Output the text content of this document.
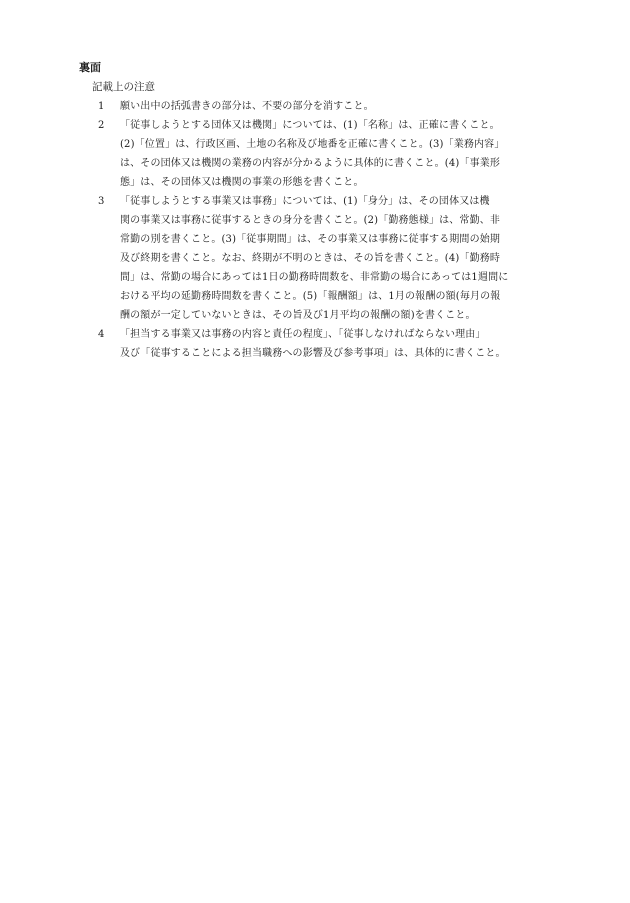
裏面
記載上の注意
1	願い出中の括弧書きの部分は、不要の部分を消すこと。
2	「従事しようとする団体又は機関」については、(1)「名称」は、正確に書くこと。
(2)「位置」は、行政区画、土地の名称及び地番を正確に書くこと。(3)「業務内容」
は、その団体又は機関の業務の内容が分かるように具体的に書くこと。(4)「事業形
態」は、その団体又は機関の事業の形態を書くこと。
3	「従事しようとする事業又は事務」については、(1)「身分」は、その団体又は機
関の事業又は事務に従事するときの身分を書くこと。(2)「勤務態様」は、常勤、非
常勤の別を書くこと。(3)「従事期間」は、その事業又は事務に従事する期間の始期
及び終期を書くこと。なお、終期が不明のときは、その旨を書くこと。(4)「勤務時
間」は、常勤の場合にあっては1日の勤務時間数を、非常勤の場合にあっては1週間に
おける平均の延勤務時間数を書くこと。(5)「報酬額」は、1月の報酬の額(毎月の報
酬の額が一定していないときは、その旨及び1月平均の報酬の額)を書くこと。
4	「担当する事業又は事務の内容と責任の程度」、「従事しなければならない理由」
及び「従事することによる担当職務への影響及び参考事項」は、具体的に書くこと。
